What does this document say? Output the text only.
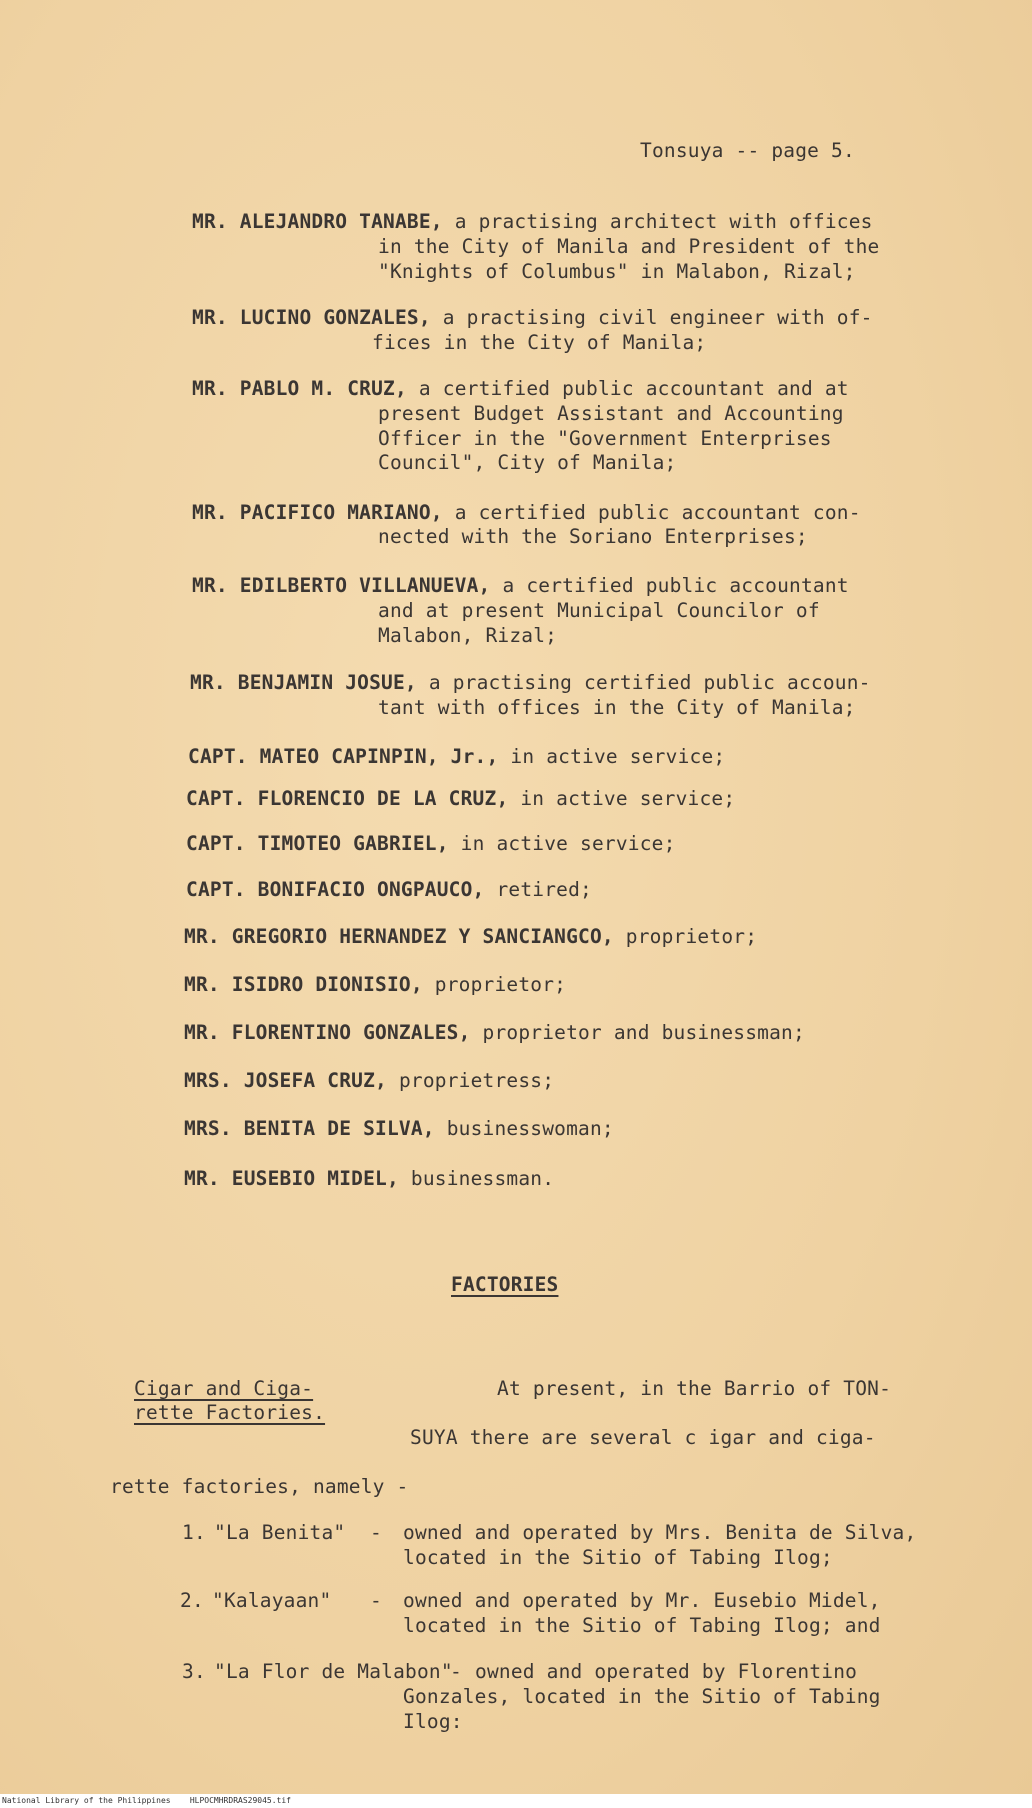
Tonsuya -- page 5.
MR. ALEJANDRO TANABE, a practising architect with offices
in the City of Manila and President of the
"Knights of Columbus" in Malabon, Rizal;
MR. LUCINO GONZALES, a practising civil engineer with of-
fices in the City of Manila;
MR. PABLO M. CRUZ, a certified public accountant and at
present Budget Assistant and Accounting
Officer in the "Government Enterprises
Council", City of Manila;
MR. PACIFICO MARIANO, a certified public accountant con-
nected with the Soriano Enterprises;
MR. EDILBERTO VILLANUEVA, a certified public accountant
and at present Municipal Councilor of
Malabon, Rizal;
MR. BENJAMIN JOSUE, a practising certified public accoun-
tant with offices in the City of Manila;
CAPT. MATEO CAPINPIN, Jr., in active service;
CAPT. FLORENCIO DE LA CRUZ, in active service;
CAPT. TIMOTEO GABRIEL, in active service;
CAPT. BONIFACIO ONGPAUCO, retired;
MR. GREGORIO HERNANDEZ Y SANCIANGCO, proprietor;
MR. ISIDRO DIONISIO, proprietor;
MR. FLORENTINO GONZALES, proprietor and businessman;
MRS. JOSEFA CRUZ, proprietress;
MRS. BENITA DE SILVA, businesswoman;
MR. EUSEBIO MIDEL, businessman.
FACTORIES
Cigar and Ciga-
rette Factories.
At present, in the Barrio of TON-
SUYA there are several c igar and ciga-
rette factories, namely -
1. "La Benita" - owned and operated by Mrs. Benita de Silva,
located in the Sitio of Tabing Ilog;
2. "Kalayaan" - owned and operated by Mr. Eusebio Midel,
located in the Sitio of Tabing Ilog; and
3. "La Flor de Malabon"
- owned and operated by Florentino
Gonzales, located in the Sitio of Tabing
Ilog:
National Library of the Philippines    HLPOCMHRDRAS29045.tif
